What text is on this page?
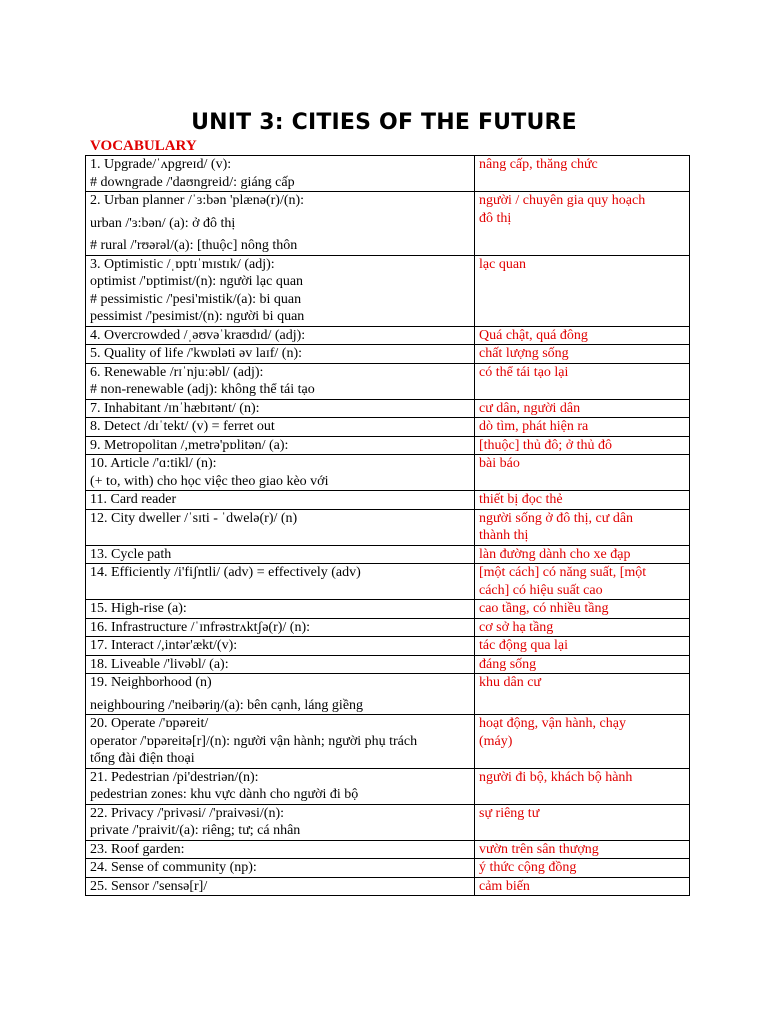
UNIT 3: CITIES OF THE FUTURE
VOCABULARY
1. Upgrade/ˈʌpgreɪd/ (v):
# downgrade /'daʊngreid/: giáng cấp	nâng cấp, thăng chức

2. Urban planner /ˈɜ:bən 'plænə(r)/(n):
urban /'ɜ:bən/ (a): ở đô thị
# rural /'rʊərəl/(a): [thuộc] nông thôn	người / chuyên gia quy hoạch
đô thị

3. Optimistic /ˌɒptɪˈmɪstɪk/ (adj):
optimist /'ɒptimist/(n): người lạc quan
# pessimistic /'pesi'mistik/(a): bi quan
pessimist /'pesimist/(n): người bi quan	lạc quan

4. Overcrowded /ˌəʊvəˈkraʊdɪd/ (adj):	Quá chật, quá đông

5. Quality of life /'kwɒləti əv laɪf/ (n):	chất lượng sống

6. Renewable /rɪˈnjuːəbl/ (adj):
# non-renewable (adj): không thể tái tạo	có thể tái tạo lại

7. Inhabitant /ɪnˈhæbɪtənt/ (n):	cư dân, người dân

8. Detect /dɪˈtekt/ (v) = ferret out	dò tìm, phát hiện ra

9. Metropolitan /,metrə'pɒlitən/ (a):	[thuộc] thủ đô; ở thủ đô

10. Article /'ɑ:tikl/ (n):
(+ to, with) cho học việc theo giao kèo với	bài báo

11. Card reader	thiết bị đọc thẻ

12. City dweller /ˈsɪti - ˈdwelə(r)/ (n)	người sống ở đô thị, cư dân
thành thị

13. Cycle path	làn đường dành cho xe đạp

14. Efficiently /i'fiʃntli/ (adv) = effectively (adv)	[một cách] có năng suất, [một
cách] có hiệu suất cao

15. High-rise (a):	cao tầng, có nhiều tầng

16. Infrastructure /ˈɪnfrəstrʌktʃə(r)/ (n):	cơ sở hạ tầng

17. Interact /,intər'ækt/(v):	tác động qua lại

18. Liveable /'livəbl/ (a):	đáng sống

19. Neighborhood (n)
neighbouring /'neibəriŋ/(a): bên cạnh, láng giềng	khu dân cư

20. Operate /'ɒpəreit/
operator /'ɒpəreitə[r]/(n): người vận hành; người phụ trách
tổng đài điện thoại	hoạt động, vận hành, chạy
(máy)

21. Pedestrian /pi'destriən/(n):
pedestrian zones: khu vực dành cho người đi bộ	người đi bộ, khách bộ hành

22. Privacy /'privəsi/ /'praivəsi/(n):
private /'praivit/(a): riêng; tư; cá nhân	sự riêng tư

23. Roof garden:	vườn trên sân thượng

24. Sense of community (np):	ý thức cộng đồng

25. Sensor /'sensə[r]/	cảm biến
